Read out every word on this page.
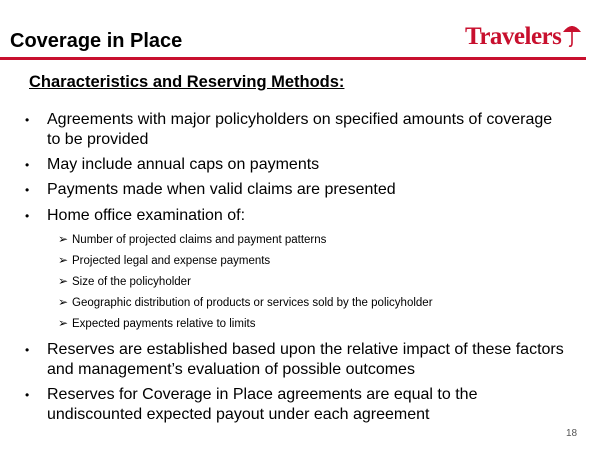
Coverage in Place	Travelers
Characteristics and Reserving Methods:
• Agreements with major policyholders on specified amounts of coverage to be provided
• May include annual caps on payments
• Payments made when valid claims are presented
• Home office examination of:
➢ Number of projected claims and payment patterns
➢ Projected legal and expense payments
➢ Size of the policyholder
➢ Geographic distribution of products or services sold by the policyholder
➢ Expected payments relative to limits
• Reserves are established based upon the relative impact of these factors and management’s evaluation of possible outcomes
• Reserves for Coverage in Place agreements are equal to the undiscounted expected payout under each agreement
18
